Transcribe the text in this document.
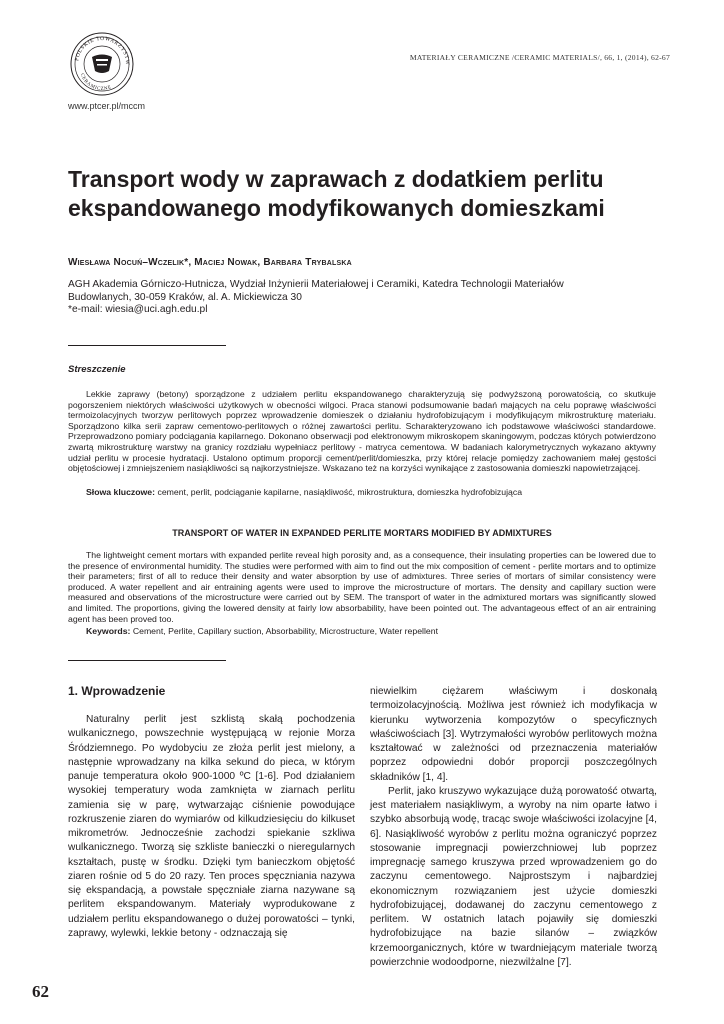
POLSKIE TOWARZYSTW
CERAMICZNE
www.ptcer.pl/mccm
MATERIAŁY CERAMICZNE /CERAMIC MATERIALS/, 66, 1, (2014), 62-67
Transport wody w zaprawach z dodatkiem perlitu ekspandowanego modyfikowanych domieszkami
Wiesława Nocuń–Wczelik*, Maciej Nowak, Barbara Trybalska
AGH Akademia Górniczo-Hutnicza, Wydział Inżynierii Materiałowej i Ceramiki, Katedra Technologii Materiałów
Budowlanych, 30-059 Kraków, al. A. Mickiewicza 30
*e-mail: wiesia@uci.agh.edu.pl
Streszczenie
Lekkie zaprawy (betony) sporządzone z udziałem perlitu ekspandowanego charakteryzują się podwyższoną porowatością, co skutkuje pogorszeniem niektórych właściwości użytkowych w obecności wilgoci. Praca stanowi podsumowanie badań mających na celu poprawę właściwości termoizolacyjnych tworzyw perlitowych poprzez wprowadzenie domieszek o działaniu hydrofobizującym i modyfikującym mikrostrukturę materiału. Sporządzono kilka serii zapraw cementowo-perlitowych o różnej zawartości perlitu. Scharakteryzowano ich podstawowe właściwości standardowe. Przeprowadzono pomiary podciągania kapilarnego. Dokonano obserwacji pod elektronowym mikroskopem skaningowym, podczas których potwierdzono zwartą mikrostrukturę warstwy na granicy rozdziału wypełniacz perlitowy - matryca cementowa. W badaniach kalorymetrycznych wykazano aktywny udział perlitu w procesie hydratacji. Ustalono optimum proporcji cement/perlit/domieszka, przy której relacje pomiędzy zachowaniem małej gęstości objętościowej i zmniejszeniem nasiąkliwości są najkorzystniejsze. Wskazano też na korzyści wynikające z zastosowania domieszki napowietrzającej.
Słowa kluczowe: cement, perlit, podciąganie kapilarne, nasiąkliwość, mikrostruktura, domieszka hydrofobizująca
TRANSPORT OF WATER IN EXPANDED PERLITE MORTARS MODIFIED BY ADMIXTURES
The lightweight cement mortars with expanded perlite reveal high porosity and, as a consequence, their insulating properties can be lowered due to the presence of environmental humidity. The studies were performed with aim to find out the mix composition of cement - perlite mortars and to optimize their parameters; first of all to reduce their density and water absorption by use of admixtures. Three series of mortars of similar consistency were produced. A water repellent and air entraining agents were used to improve the microstructure of mortars. The density and capillary suction were measured and observations of the microstructure were carried out by SEM. The transport of water in the admixtured mortars was significantly slowed and limited. The proportions, giving the lowered density at fairly low absorbability, have been pointed out. The advantageous effect of an air entraining agent has been proved too.
Keywords: Cement, Perlite, Capillary suction, Absorbability, Microstructure, Water repellent
1. Wprowadzenie

Naturalny perlit jest szklistą skałą pochodzenia wulkanicznego, powszechnie występującą w rejonie Morza Śródziemnego. Po wydobyciu ze złoża perlit jest mielony, a następnie wprowadzany na kilka sekund do pieca, w którym panuje temperatura około 900-1000 ºC [1-6]. Pod działaniem wysokiej temperatury woda zamknięta w ziarnach perlitu zamienia się w parę, wytwarzając ciśnienie powodujące rozkruszenie ziaren do wymiarów od kilkudziesięciu do kilkuset mikrometrów. Jednocześnie zachodzi spiekanie szkliwa wulkanicznego. Tworzą się szkliste banieczki o nieregularnych kształtach, pustę w środku. Dzięki tym banieczkom objętość ziaren rośnie od 5 do 20 razy. Ten proces spęczniania nazywa się ekspandacją, a powstałe spęczniałe ziarna nazywane są perlitem ekspandowanym. Materiały wyprodukowane z udziałem perlitu ekspandowanego o dużej porowatości – tynki, zaprawy, wylewki, lekkie betony - odznaczają się

niewielkim ciężarem właściwym i doskonałą termoizolacyjnością. Możliwa jest również ich modyfikacja w kierunku wytworzenia kompozytów o specyficznych właściwościach [3]. Wytrzymałości wyrobów perlitowych można kształtować w zależności od przeznaczenia materiałów poprzez odpowiedni dobór proporcji poszczególnych składników [1, 4].

Perlit, jako kruszywo wykazujące dużą porowatość otwartą, jest materiałem nasiąkliwym, a wyroby na nim oparte łatwo i szybko absorbują wodę, tracąc swoje właściwości izolacyjne [4, 6]. Nasiąkliwość wyrobów z perlitu można ograniczyć poprzez stosowanie impregnacji powierzchniowej lub poprzez impregnację samego kruszywa przed wprowadzeniem go do zaczynu cementowego. Najprostszym i najbardziej ekonomicznym rozwiązaniem jest użycie domieszki hydrofobizującej, dodawanej do zaczynu cementowego z perlitem. W ostatnich latach pojawiły się domieszki hydrofobizujące na bazie silanów – związków krzemoorganicznych, które w twardniejącym materiale tworzą powierzchnie wodoodporne, niezwilżalne [7].

62
